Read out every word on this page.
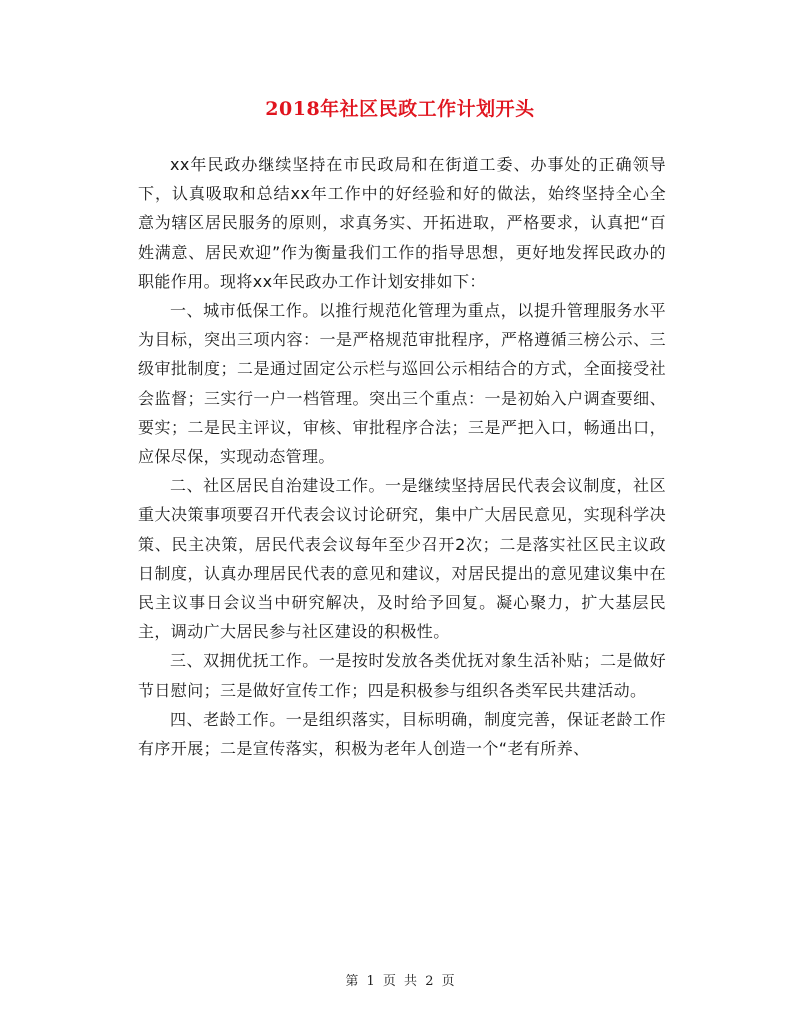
2018年社区民政工作计划开头

xx年民政办继续坚持在市民政局和在街道工委、办事处的正确领导下，认真吸取和总结xx年工作中的好经验和好的做法，始终坚持全心全意为辖区居民服务的原则，求真务实、开拓进取，严格要求，认真把“百姓满意、居民欢迎”作为衡量我们工作的指导思想，更好地发挥民政办的职能作用。现将xx年民政办工作计划安排如下：

一、城市低保工作。以推行规范化管理为重点，以提升管理服务水平为目标，突出三项内容：一是严格规范审批程序，严格遵循三榜公示、三级审批制度；二是通过固定公示栏与巡回公示相结合的方式，全面接受社会监督；三实行一户一档管理。突出三个重点：一是初始入户调查要细、要实；二是民主评议，审核、审批程序合法；三是严把入口，畅通出口，应保尽保，实现动态管理。

二、社区居民自治建设工作。一是继续坚持居民代表会议制度，社区重大决策事项要召开代表会议讨论研究，集中广大居民意见，实现科学决策、民主决策，居民代表会议每年至少召开2次；二是落实社区民主议政日制度，认真办理居民代表的意见和建议，对居民提出的意见建议集中在民主议事日会议当中研究解决，及时给予回复。凝心聚力，扩大基层民主，调动广大居民参与社区建设的积极性。

三、双拥优抚工作。一是按时发放各类优抚对象生活补贴；二是做好节日慰问；三是做好宣传工作；四是积极参与组织各类军民共建活动。

四、老龄工作。一是组织落实，目标明确，制度完善，保证老龄工作有序开展；二是宣传落实，积极为老年人创造一个“老有所养、

第 1 页 共 2 页
